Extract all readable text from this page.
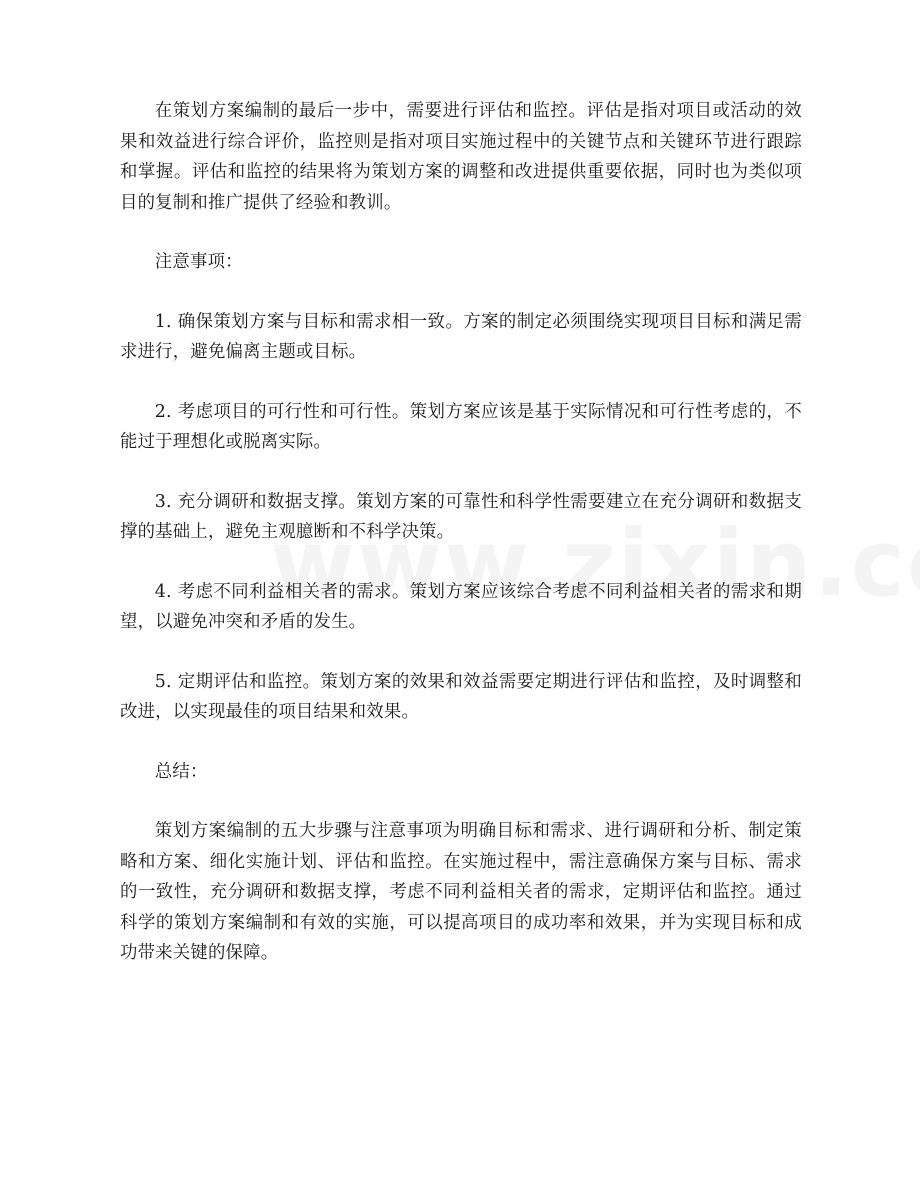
在策划方案编制的最后一步中，需要进行评估和监控。评估是指对项目或活动的效果和效益进行综合评价，监控则是指对项目实施过程中的关键节点和关键环节进行跟踪和掌握。评估和监控的结果将为策划方案的调整和改进提供重要依据，同时也为类似项目的复制和推广提供了经验和教训。

注意事项：

1. 确保策划方案与目标和需求相一致。方案的制定必须围绕实现项目目标和满足需求进行，避免偏离主题或目标。

2. 考虑项目的可行性和可行性。策划方案应该是基于实际情况和可行性考虑的，不能过于理想化或脱离实际。

3. 充分调研和数据支撑。策划方案的可靠性和科学性需要建立在充分调研和数据支撑的基础上，避免主观臆断和不科学决策。

4. 考虑不同利益相关者的需求。策划方案应该综合考虑不同利益相关者的需求和期望，以避免冲突和矛盾的发生。

5. 定期评估和监控。策划方案的效果和效益需要定期进行评估和监控，及时调整和改进，以实现最佳的项目结果和效果。

总结：

策划方案编制的五大步骤与注意事项为明确目标和需求、进行调研和分析、制定策略和方案、细化实施计划、评估和监控。在实施过程中，需注意确保方案与目标、需求的一致性，充分调研和数据支撑，考虑不同利益相关者的需求，定期评估和监控。通过科学的策划方案编制和有效的实施，可以提高项目的成功率和效果，并为实现目标和成功带来关键的保障。
